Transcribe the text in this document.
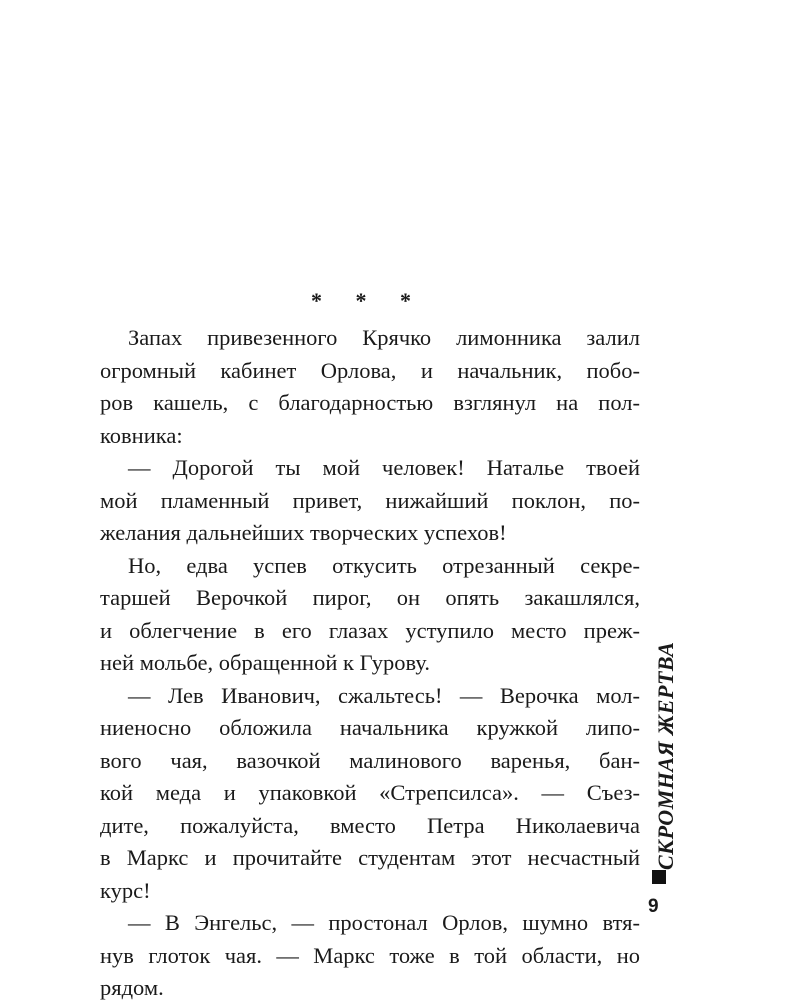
* * *
Запах привезенного Крячко лимонника залил
огромный кабинет Орлова, и начальник, побо-
ров кашель, с благодарностью взглянул на пол-
ковника:
— Дорогой ты мой человек! Наталье твоей
мой пламенный привет, нижайший поклон, по-
желания дальнейших творческих успехов!
Но, едва успев откусить отрезанный секре-
таршей Верочкой пирог, он опять закашлялся,
и облегчение в его глазах уступило место преж-
ней мольбе, обращенной к Гурову.
— Лев Иванович, сжальтесь! — Верочка мол-
ниеносно обложила начальника кружкой липо-
вого чая, вазочкой малинового варенья, бан-
кой меда и упаковкой «Стрепсилса». — Съез-
дите, пожалуйста, вместо Петра Николаевича
в Маркс и прочитайте студентам этот несчастный
курс!
— В Энгельс, — простонал Орлов, шумно втя-
нув глоток чая. — Маркс тоже в той области, но
рядом.
СКРОМНАЯ ЖЕРТВА
9
